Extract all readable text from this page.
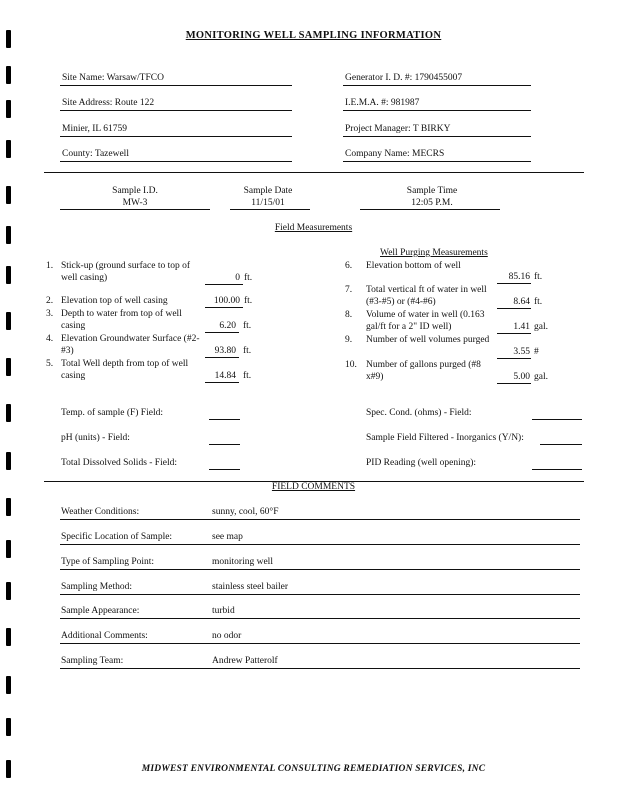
MONITORING WELL SAMPLING INFORMATION
Site Name: Warsaw/TFCO
Site Address: Route 122
Minier, IL 61759
County: Tazewell
Generator I. D. #: 1790455007
I.E.M.A. #: 981987
Project Manager: T BIRKY
Company Name: MECRS
Sample I.D.
MW-3
Sample Date
11/15/01
Sample Time
12:05 P.M.
Field Measurements
Well Purging Measurements
1. Stick-up (ground surface to top of
well casing)	0 ft.
2. Elevation top of well casing	100.00 ft.
3. Depth to water from top of well
casing	6.20 ft.
4. Elevation Groundwater Surface (#2-
#3)	93.80 ft.
5. Total Well depth from top of well
casing	14.84 ft.
6. Elevation bottom of well
85.16 ft.
7. Total vertical ft of water in well
(#3-#5) or (#4-#6)	8.64 ft.
8. Volume of water in well (0.163
gal/ft for a 2" ID well)	1.41 gal.
9. Number of well volumes purged
3.55 #
10. Number of gallons purged (#8
x#9)	5.00 gal.
Temp. of sample (F) Field:
pH (units) - Field:
Total Dissolved Solids - Field:
Spec. Cond. (ohms) - Field:
Sample Field Filtered - Inorganics (Y/N):
PID Reading (well opening):
FIELD COMMENTS
Weather Conditions:	sunny, cool, 60°F
Specific Location of Sample:	see map
Type of Sampling Point:	monitoring well
Sampling Method:	stainless steel bailer
Sample Appearance:	turbid
Additional Comments:	no odor
Sampling Team:	Andrew Patterolf
MIDWEST ENVIRONMENTAL CONSULTING REMEDIATION SERVICES, INC
